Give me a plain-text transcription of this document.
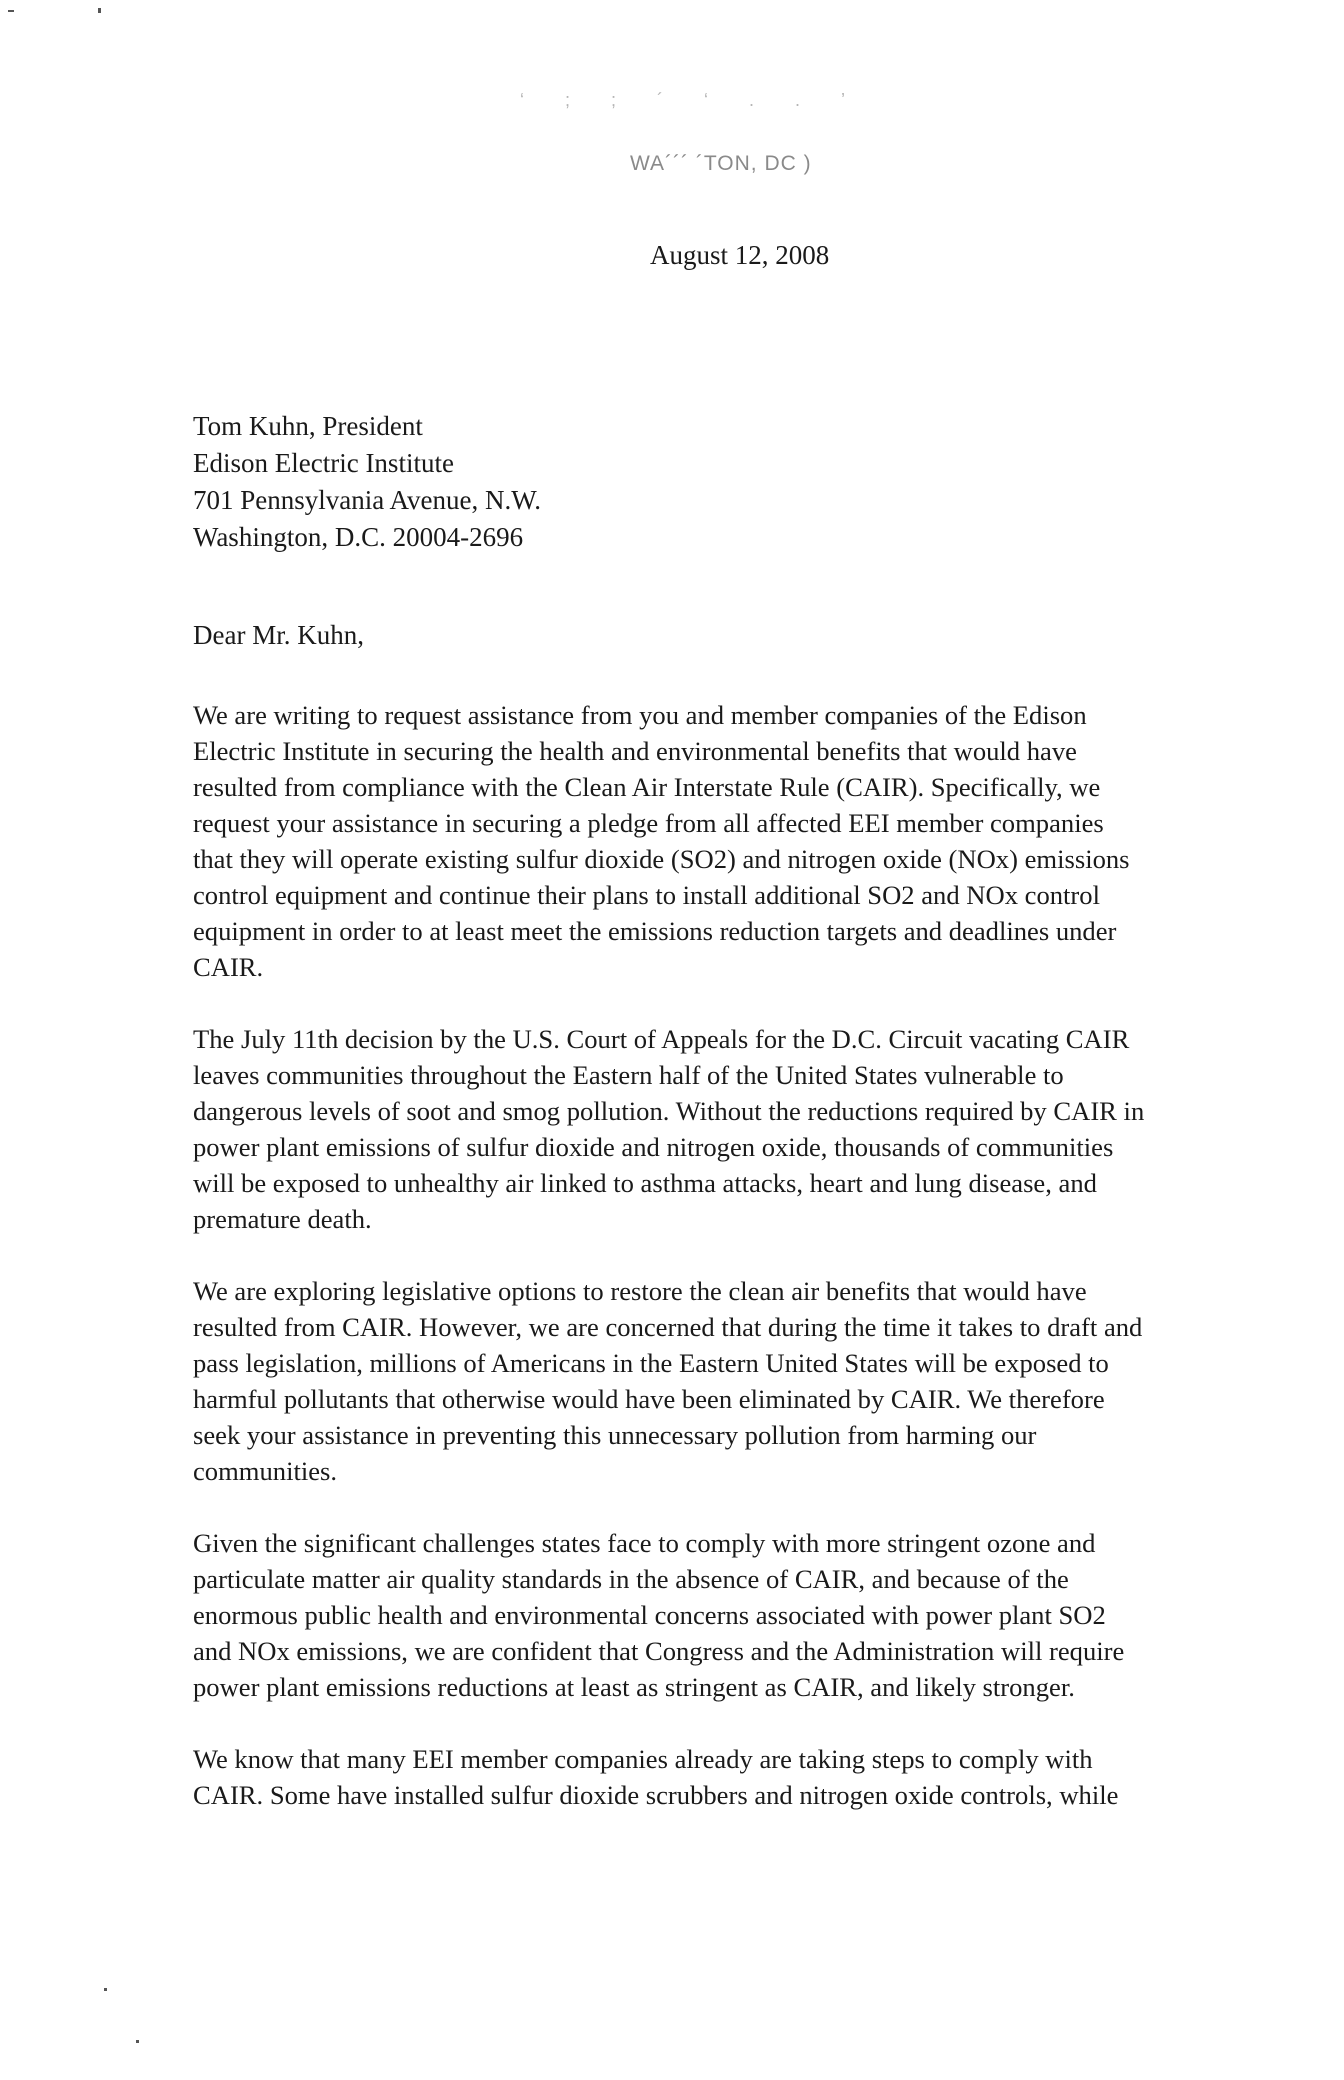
‘ ; ; ´ ‘ . . ’
WA´´´ ´TON, DC )
August 12, 2008
Tom Kuhn, President
Edison Electric Institute
701 Pennsylvania Avenue, N.W.
Washington, D.C. 20004-2696
Dear Mr. Kuhn,

We are writing to request assistance from you and member companies of the Edison
Electric Institute in securing the health and environmental benefits that would have
resulted from compliance with the Clean Air Interstate Rule (CAIR). Specifically, we
request your assistance in securing a pledge from all affected EEI member companies
that they will operate existing sulfur dioxide (SO2) and nitrogen oxide (NOx) emissions
control equipment and continue their plans to install additional SO2 and NOx control
equipment in order to at least meet the emissions reduction targets and deadlines under
CAIR.

The July 11th decision by the U.S. Court of Appeals for the D.C. Circuit vacating CAIR
leaves communities throughout the Eastern half of the United States vulnerable to
dangerous levels of soot and smog pollution. Without the reductions required by CAIR in
power plant emissions of sulfur dioxide and nitrogen oxide, thousands of communities
will be exposed to unhealthy air linked to asthma attacks, heart and lung disease, and
premature death.

We are exploring legislative options to restore the clean air benefits that would have
resulted from CAIR. However, we are concerned that during the time it takes to draft and
pass legislation, millions of Americans in the Eastern United States will be exposed to
harmful pollutants that otherwise would have been eliminated by CAIR. We therefore
seek your assistance in preventing this unnecessary pollution from harming our
communities.

Given the significant challenges states face to comply with more stringent ozone and
particulate matter air quality standards in the absence of CAIR, and because of the
enormous public health and environmental concerns associated with power plant SO2
and NOx emissions, we are confident that Congress and the Administration will require
power plant emissions reductions at least as stringent as CAIR, and likely stronger.

We know that many EEI member companies already are taking steps to comply with
CAIR. Some have installed sulfur dioxide scrubbers and nitrogen oxide controls, while
